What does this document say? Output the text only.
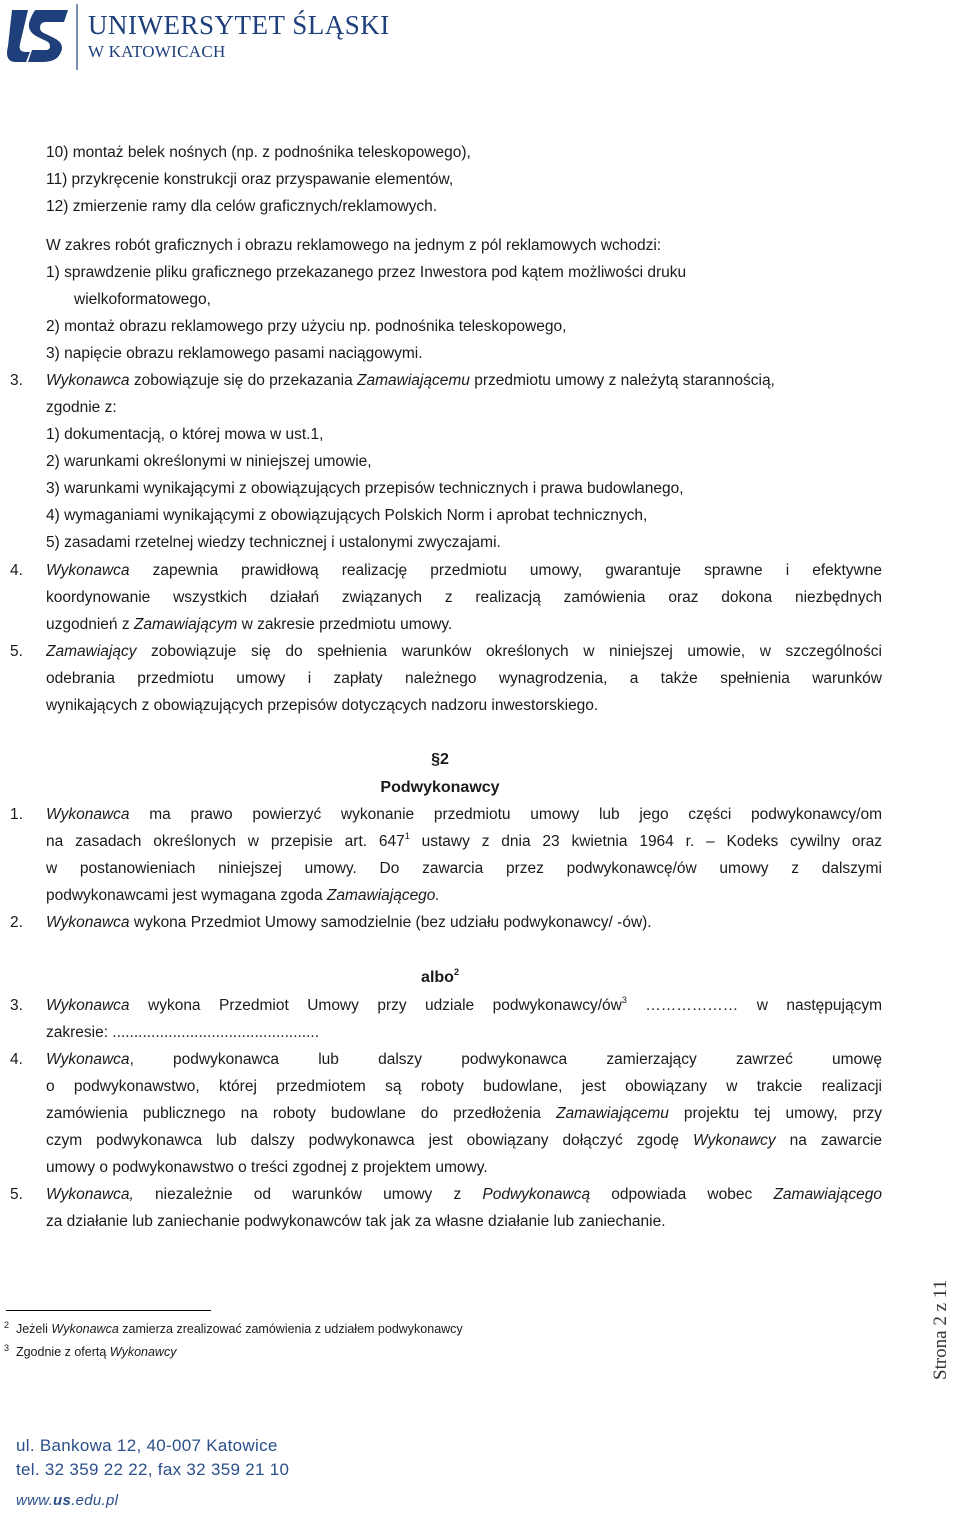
UNIWERSYTET ŚLĄSKI
W KATOWICACH
10) montaż belek nośnych (np. z podnośnika teleskopowego),
11) przykręcenie konstrukcji oraz przyspawanie elementów,
12) zmierzenie ramy dla celów graficznych/reklamowych.
W zakres robót graficznych i obrazu reklamowego na jednym z pól reklamowych wchodzi:
1) sprawdzenie pliku graficznego przekazanego przez Inwestora pod kątem możliwości druku
wielkoformatowego,
2) montaż obrazu reklamowego przy użyciu np. podnośnika teleskopowego,
3) napięcie obrazu reklamowego pasami naciągowymi.
3. Wykonawca zobowiązuje się do przekazania Zamawiającemu przedmiotu umowy z należytą starannością,
zgodnie z:
1) dokumentacją, o której mowa w ust.1,
2) warunkami określonymi w niniejszej umowie,
3) warunkami wynikającymi z obowiązujących przepisów technicznych i prawa budowlanego,
4) wymaganiami wynikającymi z obowiązujących Polskich Norm i aprobat technicznych,
5) zasadami rzetelnej wiedzy technicznej i ustalonymi zwyczajami.
4. Wykonawca zapewnia prawidłową realizację przedmiotu umowy, gwarantuje sprawne i efektywne
koordynowanie wszystkich działań związanych z realizacją zamówienia oraz dokona niezbędnych
uzgodnień z Zamawiającym w zakresie przedmiotu umowy.
5. Zamawiający zobowiązuje się do spełnienia warunków określonych w niniejszej umowie, w szczególności
odebrania przedmiotu umowy i zapłaty należnego wynagrodzenia, a także spełnienia warunków
wynikających z obowiązujących przepisów dotyczących nadzoru inwestorskiego.
§2
Podwykonawcy
1. Wykonawca ma prawo powierzyć wykonanie przedmiotu umowy lub jego części podwykonawcy/om
na zasadach określonych w przepisie art. $647^1$ ustawy z dnia 23 kwietnia 1964 r. – Kodeks cywilny oraz
w postanowieniach niniejszej umowy. Do zawarcia przez podwykonawcę/ów umowy z dalszymi
podwykonawcami jest wymagana zgoda Zamawiającego.
2. Wykonawca wykona Przedmiot Umowy samodzielnie (bez udziału podwykonawcy/ -ów).
albo$^2$
3. Wykonawca wykona Przedmiot Umowy przy udziale podwykonawcy/$ów^3$ ……………… w następującym
zakresie: ................................................
4. Wykonawca, podwykonawca lub dalszy podwykonawca zamierzający zawrzeć umowę
o podwykonawstwo, której przedmiotem są roboty budowlane, jest obowiązany w trakcie realizacji
zamówienia publicznego na roboty budowlane do przedłożenia Zamawiającemu projektu tej umowy, przy
czym podwykonawca lub dalszy podwykonawca jest obowiązany dołączyć zgodę Wykonawcy na zawarcie
umowy o podwykonawstwo o treści zgodnej z projektem umowy.
5. Wykonawca, niezależnie od warunków umowy z Podwykonawcą odpowiada wobec Zamawiającego
za działanie lub zaniechanie podwykonawców tak jak za własne działanie lub zaniechanie.
$^2$ Jeżeli Wykonawca zamierza zrealizować zamówienia z udziałem podwykonawcy
$^3$ Zgodnie z ofertą Wykonawcy	Strona 2 z 11
ul. Bankowa 12, 40-007 Katowice
tel. 32 359 22 22, fax 32 359 21 10
www.us.edu.pl
